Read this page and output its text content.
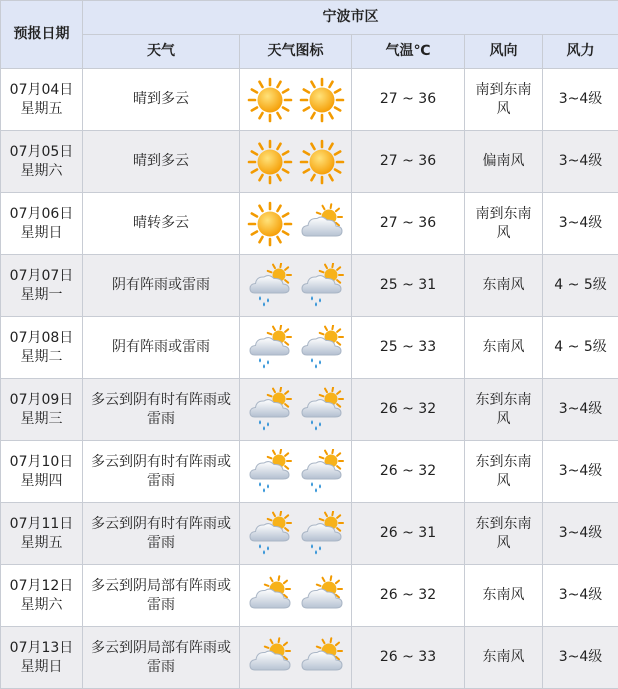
预报日期	宁波市区				
	天气	天气图标	气温℃	风向	风力

07月04日
星期五	晴到多云		27 ~ 36	南到东南风	3~4级

07月05日
星期六	晴到多云		27 ~ 36	偏南风	3~4级

07月06日
星期日	晴转多云		27 ~ 36	南到东南风	3~4级

07月07日
星期一	阴有阵雨或雷雨		25 ~ 31	东南风	4 ~ 5级

07月08日
星期二	阴有阵雨或雷雨		25 ~ 33	东南风	4 ~ 5级

07月09日
星期三	多云到阴有时有阵雨或雷雨		26 ~ 32	东到东南风	3~4级

07月10日
星期四	多云到阴有时有阵雨或雷雨		26 ~ 32	东到东南风	3~4级

07月11日
星期五	多云到阴有时有阵雨或雷雨		26 ~ 31	东到东南风	3~4级

07月12日
星期六	多云到阴局部有阵雨或雷雨		26 ~ 32	东南风	3~4级

07月13日
星期日	多云到阴局部有阵雨或雷雨		26 ~ 33	东南风	3~4级
